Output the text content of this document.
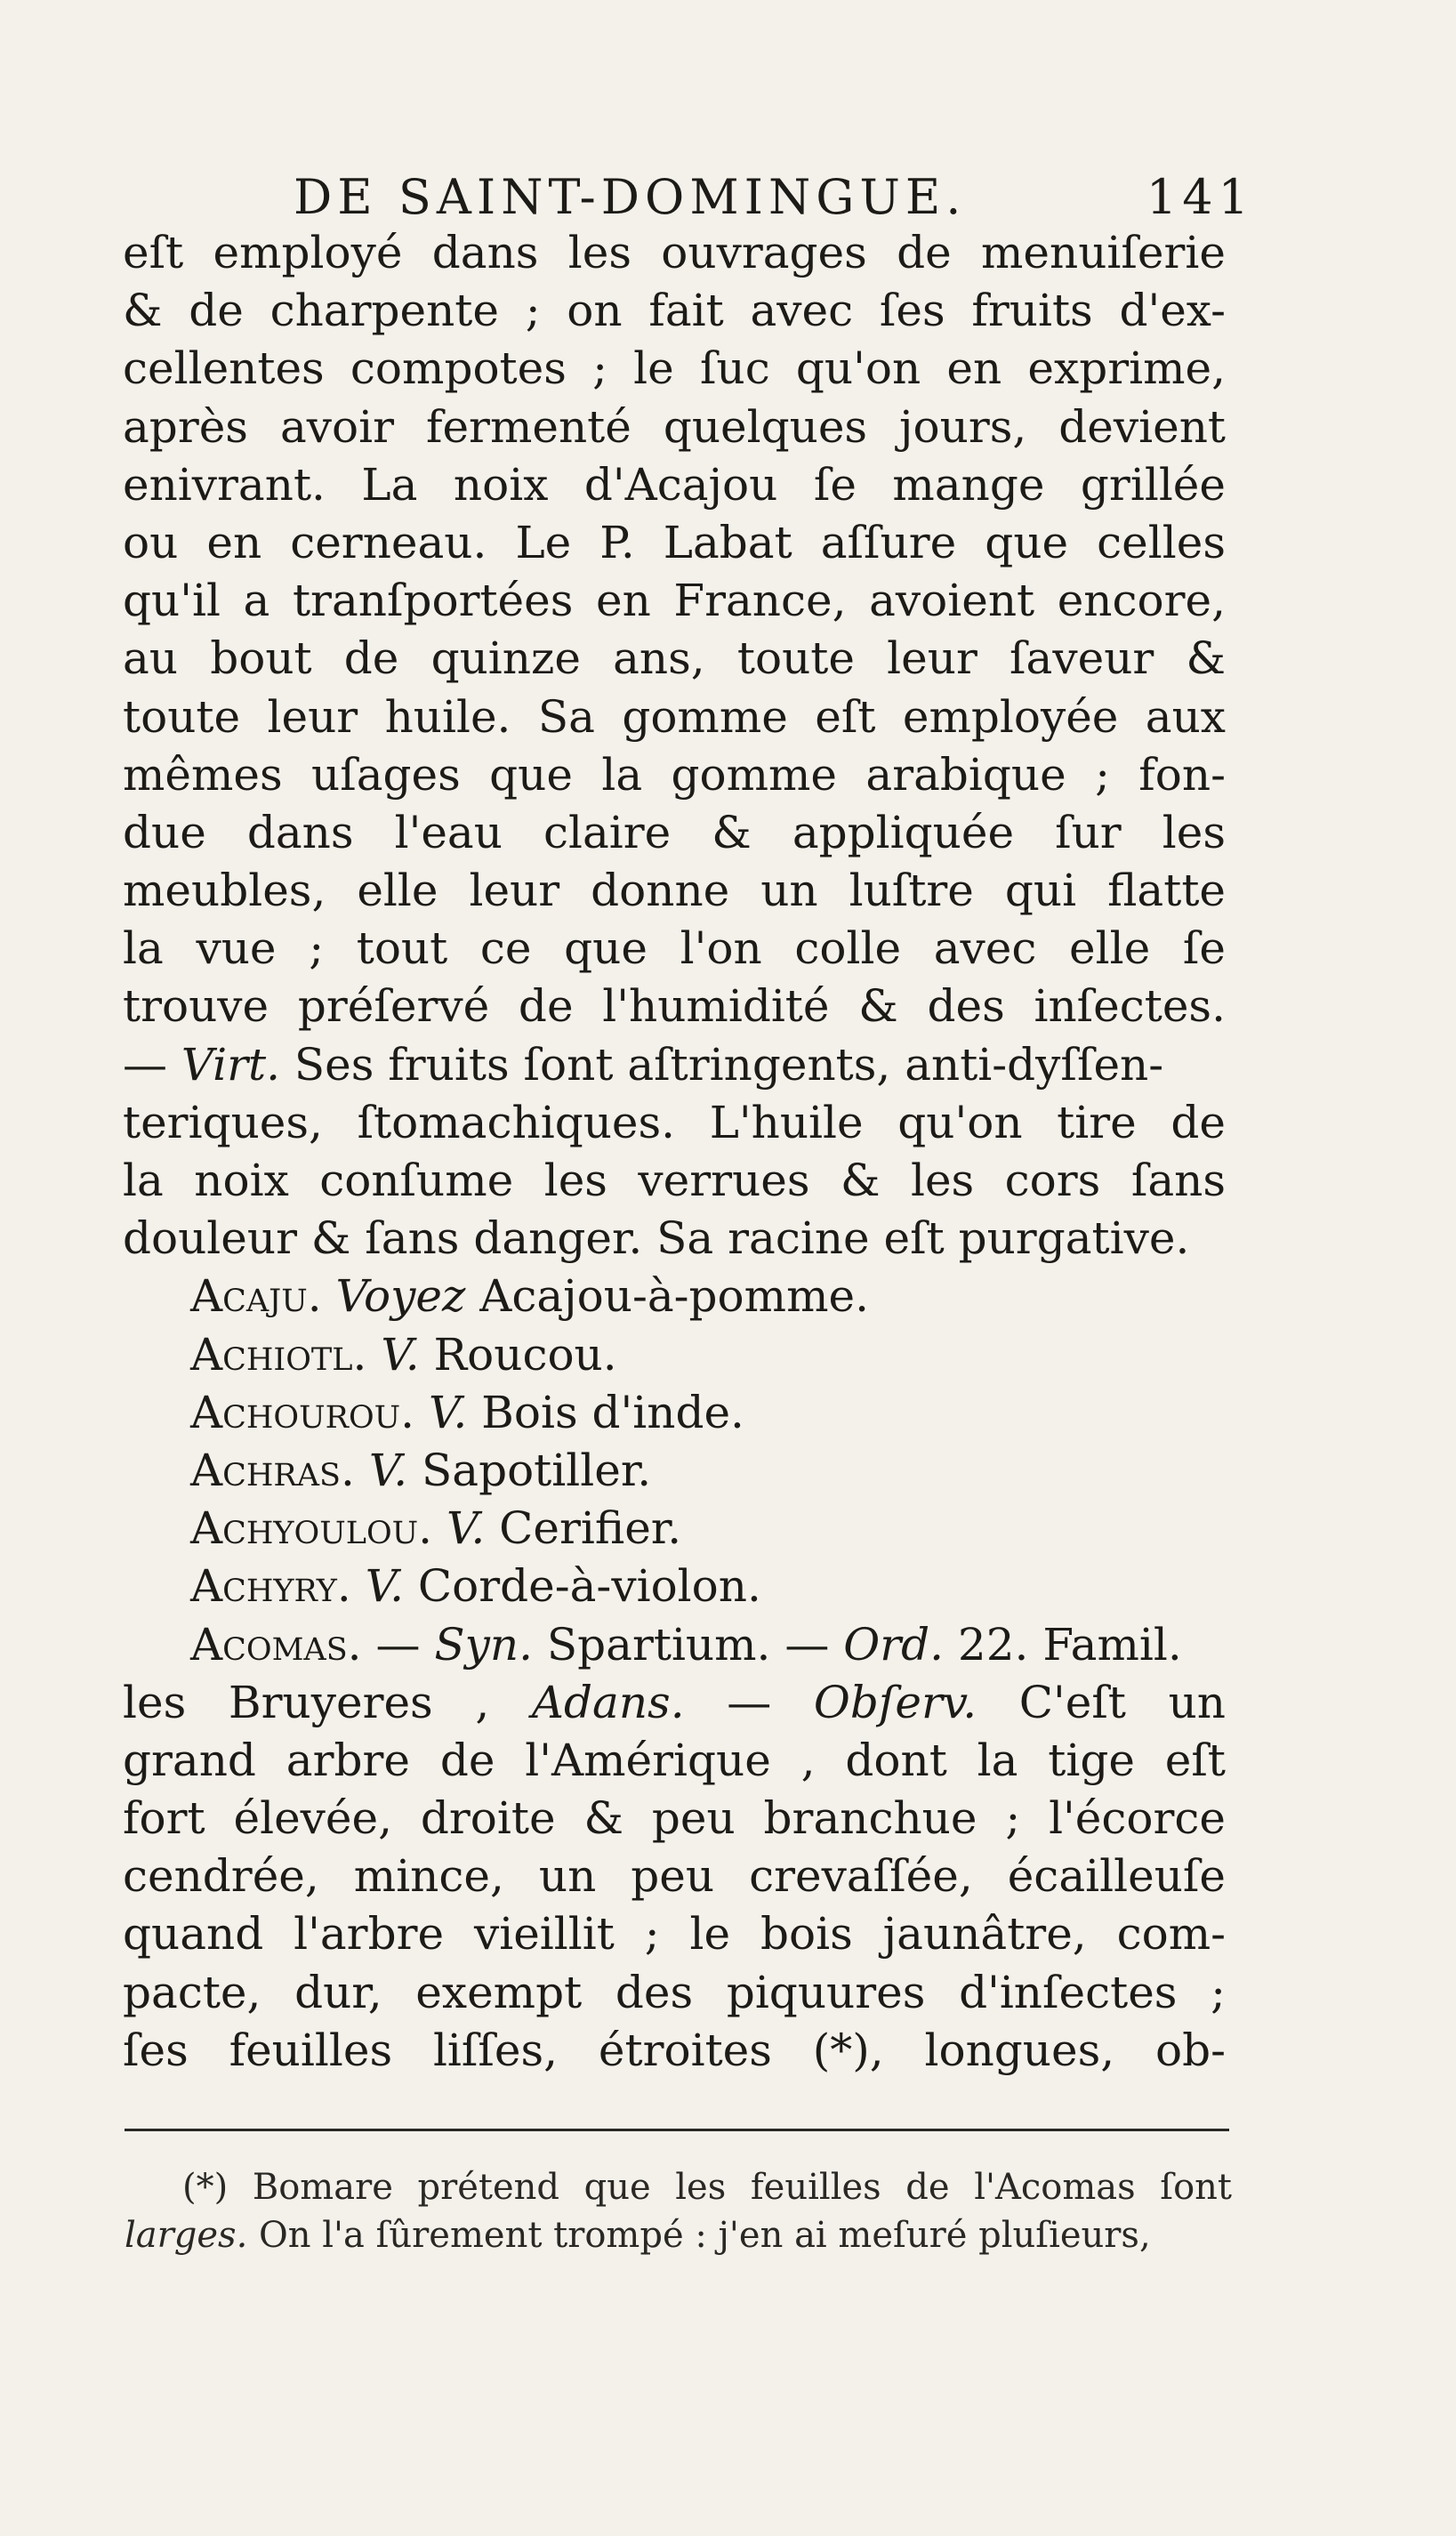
DE SAINT-DOMINGUE.	141
eſt employé dans les ouvrages de menuiſerie
& de charpente ; on fait avec ſes fruits d'ex-
cellentes compotes ; le ſuc qu'on en exprime,
après avoir fermenté quelques jours, devient
enivrant. La noix d'Acajou ſe mange grillée
ou en cerneau. Le P. Labat aſſure que celles
qu'il a tranſportées en France, avoient encore,
au bout de quinze ans, toute leur ſaveur &
toute leur huile. Sa gomme eſt employée aux
mêmes uſages que la gomme arabique ; fon-
due dans l'eau claire & appliquée ſur les
meubles, elle leur donne un luſtre qui flatte
la vue ; tout ce que l'on colle avec elle ſe
trouve préſervé de l'humidité & des inſectes.
— Virt. Ses fruits ſont aſtringents, anti-dyſſen-
teriques, ſtomachiques. L'huile qu'on tire de
la noix conſume les verrues & les cors ſans
douleur & ſans danger. Sa racine eſt purgative.
Acaju. Voyez Acajou-à-pomme.
Achiotl. V. Roucou.
Achourou. V. Bois d'inde.
Achras. V. Sapotiller.
Achyoulou. V. Cerifier.
Achyry. V. Corde-à-violon.
Acomas. — Syn. Spartium. — Ord. 22. Famil.
les Bruyeres , Adans. — Obſerv. C'eſt un
grand arbre de l'Amérique , dont la tige eſt
fort élevée, droite & peu branchue ; l'écorce
cendrée, mince, un peu crevaſſée, écailleuſe
quand l'arbre vieillit ; le bois jaunâtre, com-
pacte, dur, exempt des piquures d'inſectes ;
ſes feuilles liſſes, étroites (*), longues, ob-
(*) Bomare prétend que les feuilles de l'Acomas ſont
larges. On l'a ſûrement trompé : j'en ai meſuré pluſieurs,
